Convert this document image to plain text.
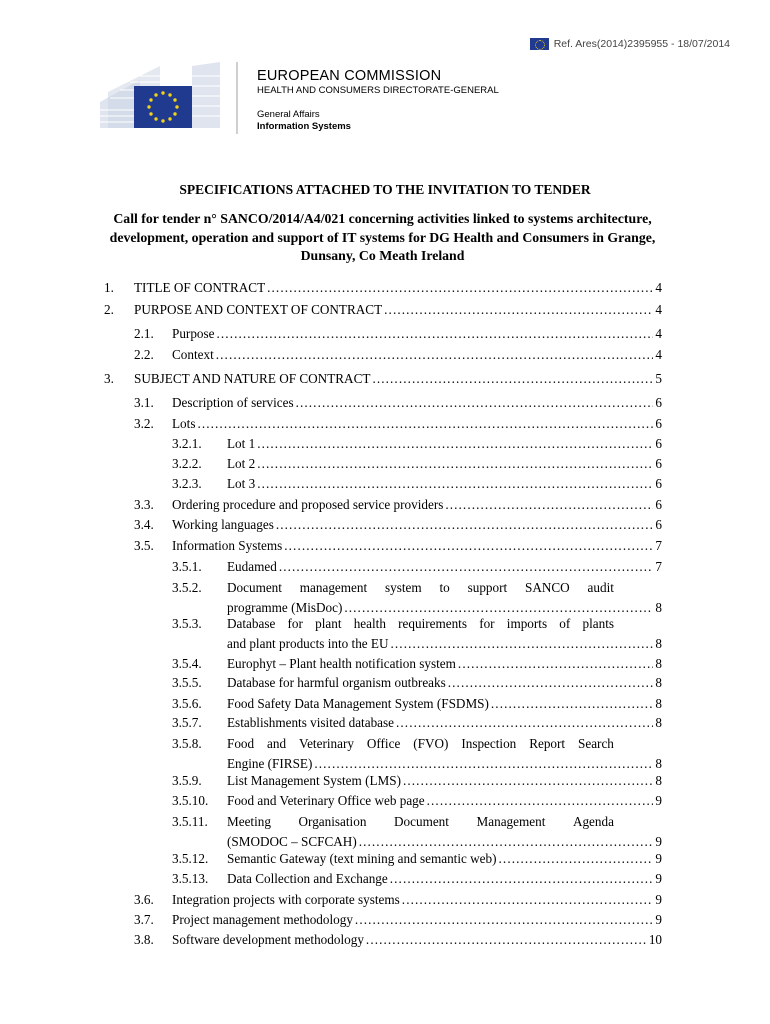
Ref. Ares(2014)2395955 - 18/07/2014
EUROPEAN COMMISSION
HEALTH AND CONSUMERS DIRECTORATE-GENERAL
General Affairs
Information Systems
SPECIFICATIONS ATTACHED TO THE INVITATION TO TENDER
Call for tender n° SANCO/2014/A4/021 concerning activities linked to systems architecture, development, operation and support of IT systems for DG Health and Consumers in Grange, Dunsany, Co Meath Ireland
1. TITLE OF CONTRACT .....	4
2. PURPOSE AND CONTEXT OF CONTRACT .....	4
2.1. Purpose .....	4
2.2. Context .....	4
3. SUBJECT AND NATURE OF CONTRACT .....	5
3.1. Description of services .....	6
3.2. Lots .....	6
3.2.1. Lot 1 .....	6
3.2.2. Lot 2 .....	6
3.2.3. Lot 3 .....	6
3.3. Ordering procedure and proposed service providers .....	6
3.4. Working languages .....	6
3.5. Information Systems .....	7
3.5.1. Eudamed .....	7
3.5.2. Document management system to support SANCO audit
programme (MisDoc) .....	8
3.5.3. Database for plant health requirements for imports of plants
and plant products into the EU .....	8
3.5.4. Europhyt – Plant health notification system .....	8
3.5.5. Database for harmful organism outbreaks .....	8
3.5.6. Food Safety Data Management System (FSDMS) .....	8
3.5.7. Establishments visited database .....	8
3.5.8. Food and Veterinary Office (FVO) Inspection Report Search
Engine (FIRSE) .....	8
3.5.9. List Management System (LMS) .....	8
3.5.10. Food and Veterinary Office web page .....	9
3.5.11. Meeting Organisation Document Management Agenda
(SMODOC – SCFCAH) .....	9
3.5.12. Semantic Gateway (text mining and semantic web) .....	9
3.5.13. Data Collection and Exchange .....	9
3.6. Integration projects with corporate systems .....	9
3.7. Project management methodology .....	9
3.8. Software development methodology .....	10
